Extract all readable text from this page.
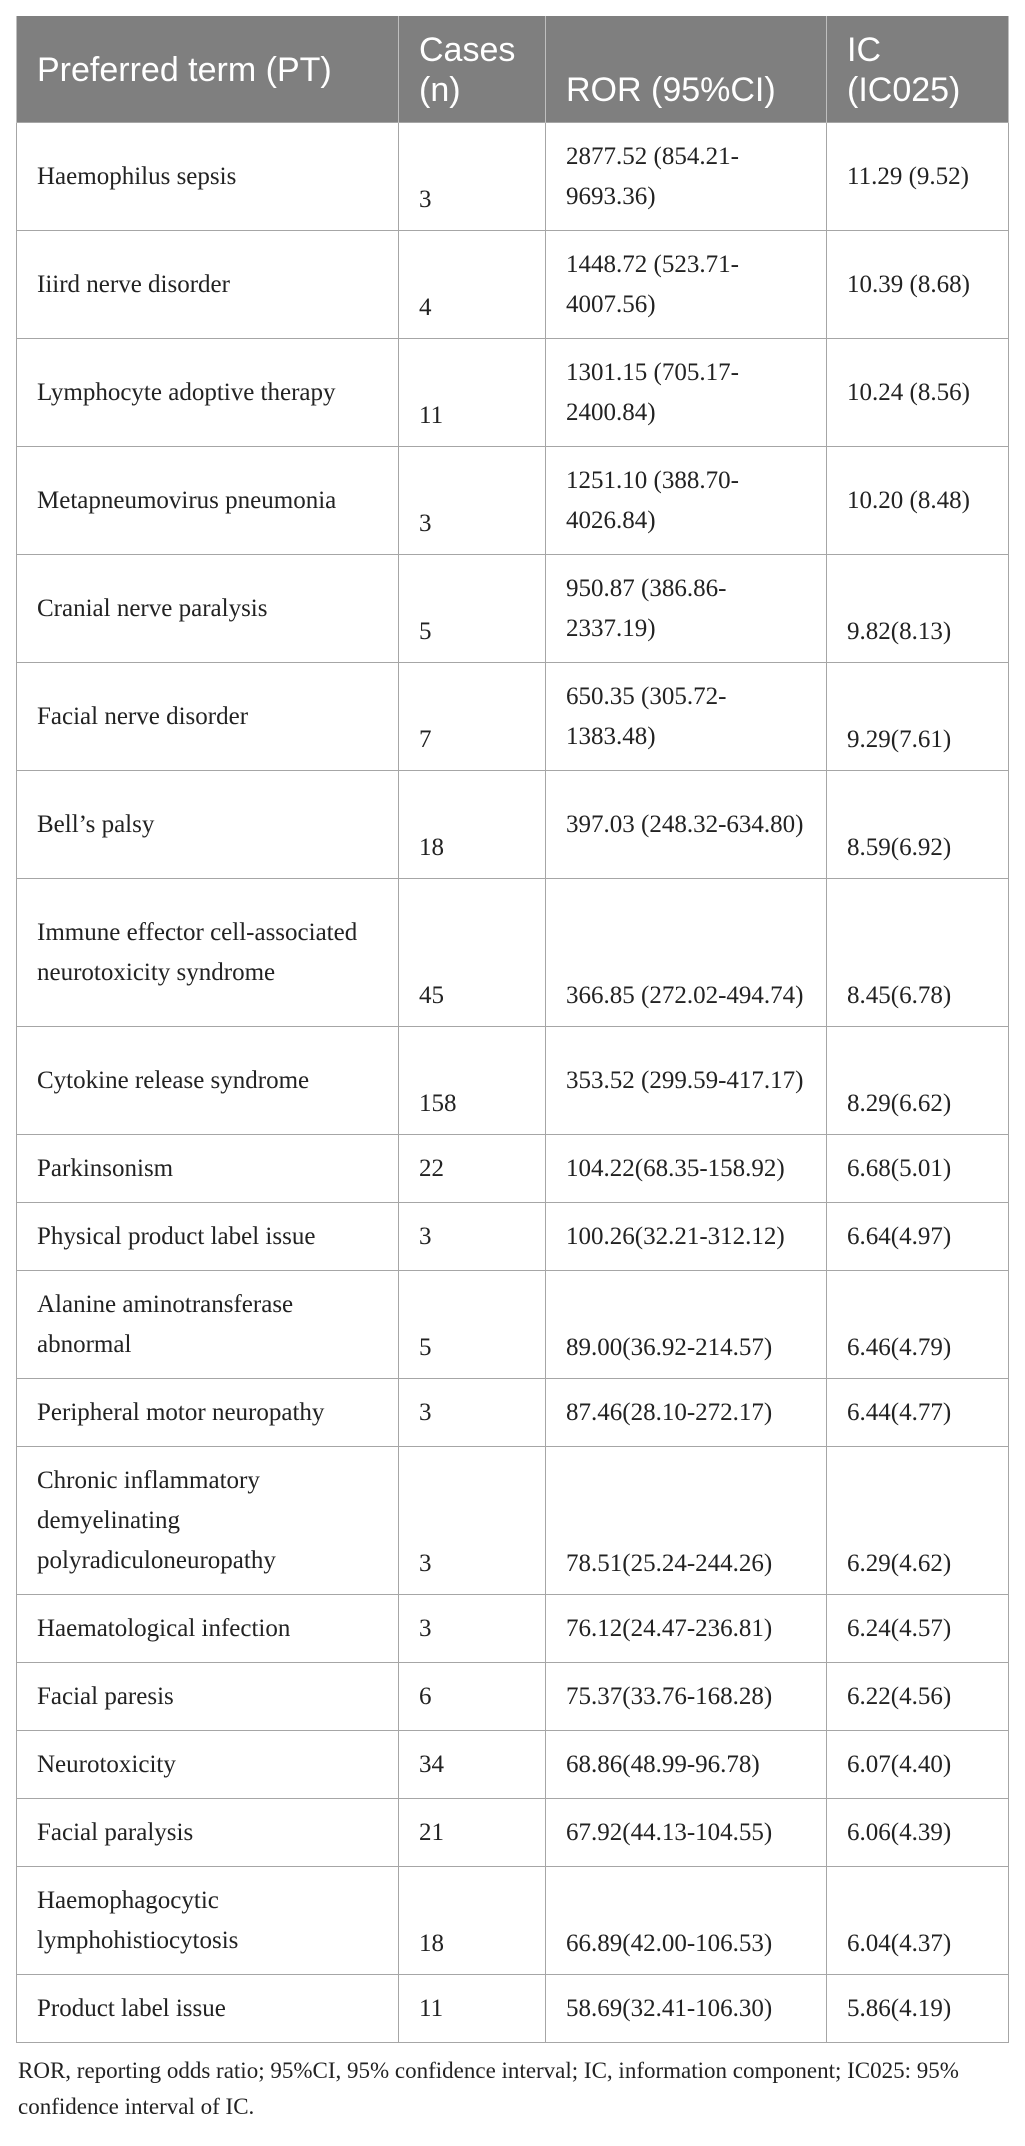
Preferred term (PT)	Cases (n)	ROR (95%CI)	IC (IC025)
Haemophilus sepsis	3	2877.52 (854.21-9693.36)	11.29 (9.52)
Iiird nerve disorder	4	1448.72 (523.71-4007.56)	10.39 (8.68)
Lymphocyte adoptive therapy	11	1301.15 (705.17-2400.84)	10.24 (8.56)
Metapneumovirus pneumonia	3	1251.10 (388.70-4026.84)	10.20 (8.48)
Cranial nerve paralysis	5	950.87 (386.86-2337.19)	9.82(8.13)
Facial nerve disorder	7	650.35 (305.72-1383.48)	9.29(7.61)
Bell’s palsy	18	397.03 (248.32-634.80)	8.59(6.92)
Immune effector cell-associated neurotoxicity syndrome	45	366.85 (272.02-494.74)	8.45(6.78)
Cytokine release syndrome	158	353.52 (299.59-417.17)	8.29(6.62)
Parkinsonism	22	104.22(68.35-158.92)	6.68(5.01)
Physical product label issue	3	100.26(32.21-312.12)	6.64(4.97)
Alanine aminotransferase abnormal	5	89.00(36.92-214.57)	6.46(4.79)
Peripheral motor neuropathy	3	87.46(28.10-272.17)	6.44(4.77)
Chronic inflammatory demyelinating polyradiculoneuropathy	3	78.51(25.24-244.26)	6.29(4.62)
Haematological infection	3	76.12(24.47-236.81)	6.24(4.57)
Facial paresis	6	75.37(33.76-168.28)	6.22(4.56)
Neurotoxicity	34	68.86(48.99-96.78)	6.07(4.40)
Facial paralysis	21	67.92(44.13-104.55)	6.06(4.39)
Haemophagocytic lymphohistiocytosis	18	66.89(42.00-106.53)	6.04(4.37)
Product label issue	11	58.69(32.41-106.30)	5.86(4.19)
ROR, reporting odds ratio; 95%CI, 95% confidence interval; IC, information component; IC025: 95% confidence interval of IC.
